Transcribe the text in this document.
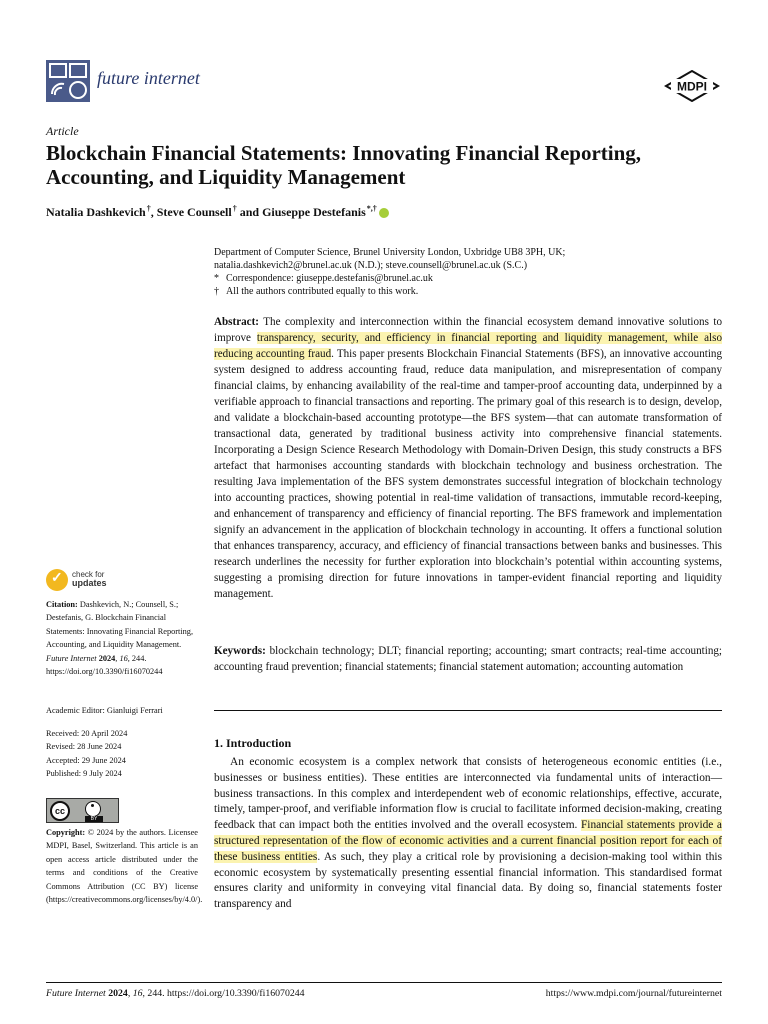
future internet	MDPI
Article
Blockchain Financial Statements: Innovating Financial Reporting, Accounting, and Liquidity Management
Natalia Dashkevich †, Steve Counsell † and Giuseppe Destefanis *,†
Department of Computer Science, Brunel University London, Uxbridge UB8 3PH, UK;
natalia.dashkevich2@brunel.ac.uk (N.D.); steve.counsell@brunel.ac.uk (S.C.)
* Correspondence: giuseppe.destefanis@brunel.ac.uk
† All the authors contributed equally to this work.
Abstract: The complexity and interconnection within the financial ecosystem demand innovative solutions to improve transparency, security, and efficiency in financial reporting and liquidity management, while also reducing accounting fraud. This paper presents Blockchain Financial Statements (BFS), an innovative accounting system designed to address accounting fraud, reduce data manipulation, and misrepresentation of company financial claims, by enhancing availability of the real-time and tamper-proof accounting data, underpinned by a verifiable approach to financial transactions and reporting. The primary goal of this research is to design, develop, and validate a blockchain-based accounting prototype—the BFS system—that can automate transformation of transactional data, generated by traditional business activity into comprehensive financial statements. Incorporating a Design Science Research Methodology with Domain-Driven Design, this study constructs a BFS artefact that harmonises accounting standards with blockchain technology and business orchestration. The resulting Java implementation of the BFS system demonstrates successful integration of blockchain technology into accounting practices, showing potential in real-time validation of transactions, immutable record-keeping, and enhancement of transparency and efficiency of financial reporting. The BFS framework and implementation signify an advancement in the application of blockchain technology in accounting. It offers a functional solution that enhances transparency, accuracy, and efficiency of financial transactions between banks and businesses. This research underlines the necessity for further exploration into blockchain’s potential within accounting systems, suggesting a promising direction for future innovations in tamper-evident financial reporting and liquidity management.
Keywords: blockchain technology; DLT; financial reporting; accounting; smart contracts; real-time accounting; accounting fraud prevention; financial statements; financial statement automation; accounting automation
1. Introduction
An economic ecosystem is a complex network that consists of heterogeneous economic entities (i.e., businesses or business entities). These entities are interconnected via fundamental units of interaction—business transactions. In this complex and interdependent web of economic relationships, effective, accurate, timely, tamper-proof, and verifiable information flow is crucial to facilitate informed decision-making, creating feedback that can impact both the entities involved and the overall ecosystem. Financial statements provide a structured representation of the flow of economic activities and a current financial position report for each of these business entities. As such, they play a critical role by provisioning a decision-making tool within this economic ecosystem by systematically presenting essential financial information. This standardised format ensures clarity and uniformity in conveying vital financial data. By doing so, financial statements foster transparency and
✓
check for
updates
Citation: Dashkevich, N.; Counsell, S.; Destefanis, G. Blockchain Financial Statements: Innovating Financial Reporting, Accounting, and Liquidity Management. Future Internet 2024, 16, 244. https://doi.org/10.3390/fi16070244
Academic Editor: Gianluigi Ferrari
Received: 20 April 2024
Revised: 28 June 2024
Accepted: 29 June 2024
Published: 9 July 2024
cc
BY
Copyright: © 2024 by the authors. Licensee MDPI, Basel, Switzerland. This article is an open access article distributed under the terms and conditions of the Creative Commons Attribution (CC BY) license (https://creativecommons.org/licenses/by/4.0/).
Future Internet 2024, 16, 244. https://doi.org/10.3390/fi16070244	https://www.mdpi.com/journal/futureinternet
